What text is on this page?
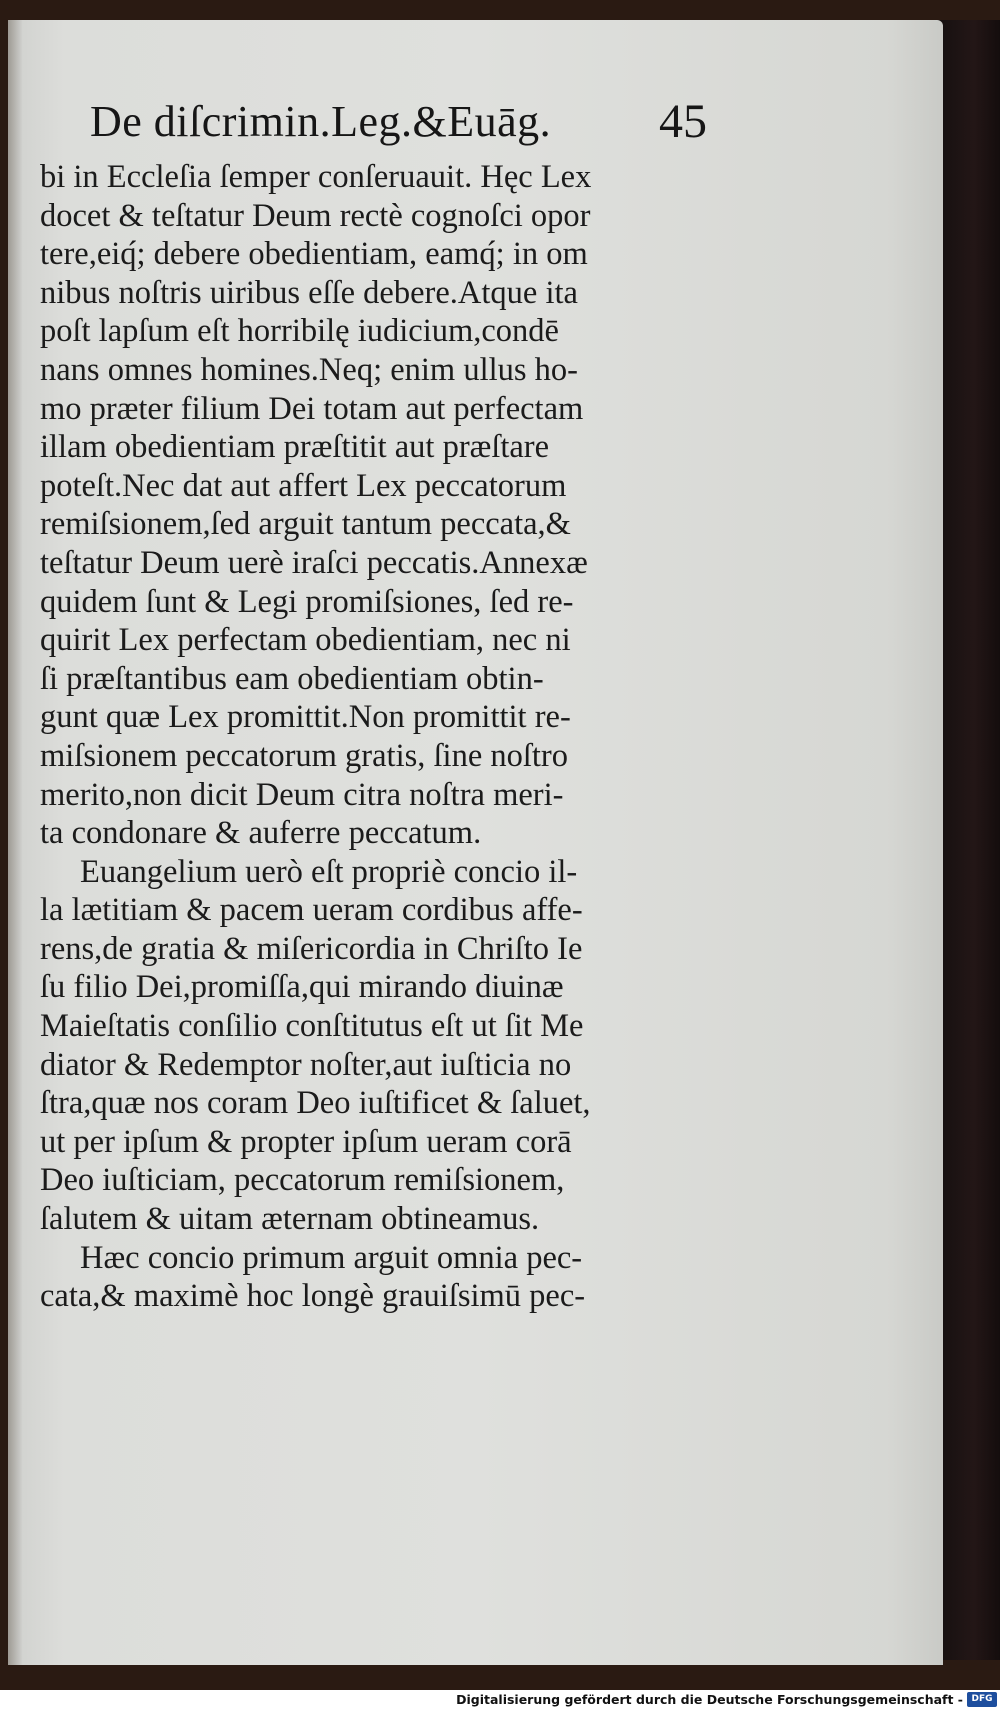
De diſcrimin.Leg.&Euāg. 45
bi in Eccleſia ſemper conſeruauit. Hęc Lex
docet & teſtatur Deum rectè cognoſci opor
tere,eiq́; debere obedientiam, eamq́; in om
nibus noſtris uiribus eſſe debere.Atque ita
poſt lapſum eſt horribilę iudicium,condē
nans omnes homines.Neq; enim ullus ho-
mo præter filium Dei totam aut perfectam
illam obedientiam præſtitit aut præſtare
poteſt.Nec dat aut affert Lex peccatorum
remiſsionem,ſed arguit tantum peccata,&
teſtatur Deum uerè iraſci peccatis.Annexæ
quidem ſunt & Legi promiſsiones, ſed re-
quirit Lex perfectam obedientiam, nec ni
ſi præſtantibus eam obedientiam obtin-
gunt quæ Lex promittit.Non promittit re-
miſsionem peccatorum gratis, ſine noſtro
merito,non dicit Deum citra noſtra meri-
ta condonare & auferre peccatum.
Euangelium uerò eſt propriè concio il-
la lætitiam & pacem ueram cordibus affe-
rens,de gratia & miſericordia in Chriſto Ie
ſu filio Dei,promiſſa,qui mirando diuinæ
Maieſtatis conſilio conſtitutus eſt ut ſit Me
diator & Redemptor noſter,aut iuſticia no
ſtra,quæ nos coram Deo iuſtificet & ſaluet,
ut per ipſum & propter ipſum ueram corā
Deo iuſticiam, peccatorum remiſsionem,
ſalutem & uitam æternam obtineamus.
Hæc concio primum arguit omnia pec-
cata,& maximè hoc longè grauiſsimū pec-
Digitalisierung gefördert durch die Deutsche Forschungsgemeinschaft - DFG
